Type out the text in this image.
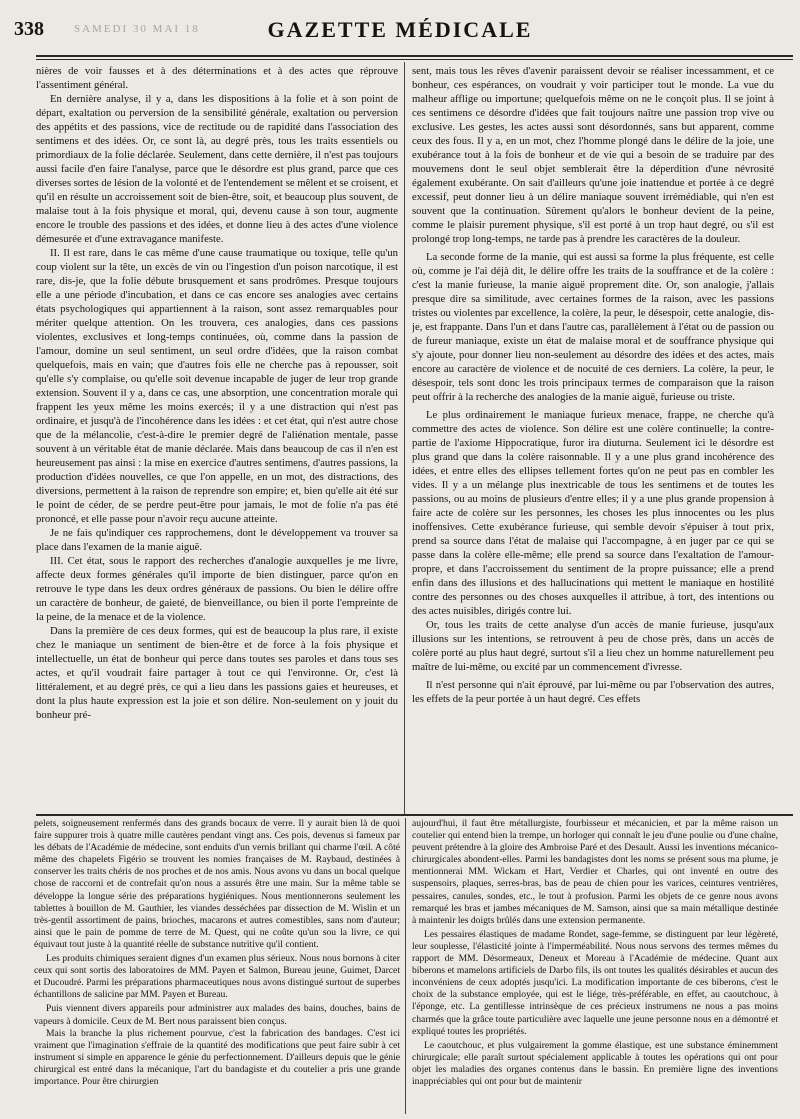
SAMEDI 30 MAI 18
338	GAZETTE MÉDICALE

nières de voir fausses et à des déterminations et à des actes que réprouve l'assentiment général.

En dernière analyse, il y a, dans les dispositions à la folie et à son point de départ, exaltation ou perversion de la sensibilité générale, exaltation ou perversion des appétits et des passions, vice de rectitude ou de rapidité dans l'association des sentimens et des idées. Or, ce sont là, au degré près, tous les traits essentiels ou primordiaux de la folie déclarée. Seulement, dans cette dernière, il n'est pas toujours aussi facile d'en faire l'analyse, parce que le désordre est plus grand, parce que ces diverses sortes de lésion de la volonté et de l'entendement se mêlent et se croisent, et qu'il en résulte un accroissement soit de bien-être, soit, et beaucoup plus souvent, de malaise tout à la fois physique et moral, qui, devenu cause à son tour, augmente encore le trouble des passions et des idées, et donne lieu à des actes d'une violence démesurée et d'une extravagance manifeste.

II. Il est rare, dans le cas même d'une cause traumatique ou toxique, telle qu'un coup violent sur la tête, un excès de vin ou l'ingestion d'un poison narcotique, il est rare, dis-je, que la folie débute brusquement et sans prodrômes. Presque toujours elle a une période d'incubation, et dans ce cas encore ses analogies avec certains états psychologiques qui appartiennent à la raison, sont assez remarquables pour mériter quelque attention. On les trouvera, ces analogies, dans ces passions violentes, exclusives et long-temps continuées, où, comme dans la passion de l'amour, domine un seul sentiment, un seul ordre d'idées, que la raison combat quelquefois, mais en vain; que d'autres fois elle ne cherche pas à repousser, soit qu'elle s'y complaise, ou qu'elle soit devenue incapable de juger de leur trop grande extension. Souvent il y a, dans ce cas, une absorption, une concentration morale qui frappent les yeux même les moins exercés; il y a une distraction qui n'est pas ordinaire, et jusqu'à de l'incohérence dans les idées : et cet état, qui n'est autre chose que de la mélancolie, c'est-à-dire le premier degré de l'aliénation mentale, passe souvent à un véritable état de manie déclarée. Mais dans beaucoup de cas il n'en est heureusement pas ainsi : la mise en exercice d'autres sentimens, d'autres passions, la production d'idées nouvelles, ce que l'on appelle, en un mot, des distractions, des diversions, permettent à la raison de reprendre son empire; et, bien qu'elle ait été sur le point de céder, de se perdre peut-être pour jamais, le mot de folie n'a pas été prononcé, et elle passe pour n'avoir reçu aucune atteinte.

Je ne fais qu'indiquer ces rapprochemens, dont le développement va trouver sa place dans l'examen de la manie aiguë.

III. Cet état, sous le rapport des recherches d'analogie auxquelles je me livre, affecte deux formes générales qu'il importe de bien distinguer, parce qu'on en retrouve le type dans les deux ordres généraux de passions. Ou bien le délire offre un caractère de bonheur, de gaieté, de bienveillance, ou bien il porte l'empreinte de la peine, de la menace et de la violence.

Dans la première de ces deux formes, qui est de beaucoup la plus rare, il existe chez le maniaque un sentiment de bien-être et de force à la fois physique et intellectuelle, un état de bonheur qui perce dans toutes ses paroles et dans tous ses actes, et qu'il voudrait faire partager à tout ce qui l'environne. Or, c'est là littéralement, et au degré près, ce qui a lieu dans les passions gaies et heureuses, et dont la plus haute expression est la joie et son délire. Non-seulement on y jouit du bonheur pré-

sent, mais tous les rêves d'avenir paraissent devoir se réaliser incessamment, et ce bonheur, ces espérances, on voudrait y voir participer tout le monde. La vue du malheur afflige ou importune; quelquefois même on ne le conçoit plus. Il se joint à ces sentimens ce désordre d'idées que fait toujours naître une passion trop vive ou exclusive. Les gestes, les actes aussi sont désordonnés, sans but apparent, comme ceux des fous. Il y a, en un mot, chez l'homme plongé dans le délire de la joie, une exubérance tout à la fois de bonheur et de vie qui a besoin de se traduire par des mouvemens dont le seul objet semblerait être la déperdition d'une névrosité également exubérante. On sait d'ailleurs qu'une joie inattendue et portée à ce degré excessif, peut donner lieu à un délire maniaque souvent irrémédiable, qui n'en est souvent que la continuation. Sûrement qu'alors le bonheur devient de la peine, comme le plaisir purement physique, s'il est porté à un trop haut degré, ou s'il est prolongé trop long-temps, ne tarde pas à prendre les caractères de la douleur.

La seconde forme de la manie, qui est aussi sa forme la plus fréquente, est celle où, comme je l'ai déjà dit, le délire offre les traits de la souffrance et de la colère : c'est la manie furieuse, la manie aiguë proprement dite. Or, son analogie, j'allais presque dire sa similitude, avec certaines formes de la raison, avec les passions tristes ou violentes par excellence, la colère, la peur, le désespoir, cette analogie, dis-je, est frappante. Dans l'un et dans l'autre cas, parallèlement à l'état ou de passion ou de fureur maniaque, existe un état de malaise moral et de souffrance physique qui s'y ajoute, pour donner lieu non-seulement au désordre des idées et des actes, mais encore au caractère de violence et de nocuité de ces derniers. La colère, la peur, le désespoir, tels sont donc les trois principaux termes de comparaison que la raison peut offrir à la recherche des analogies de la manie aiguë, furieuse ou triste.

Le plus ordinairement le maniaque furieux menace, frappe, ne cherche qu'à commettre des actes de violence. Son délire est une colère continuelle; la contre-partie de l'axiome Hippocratique, furor ira diuturna. Seulement ici le désordre est plus grand que dans la colère raisonnable. Il y a une plus grand incohérence des idées, et entre elles des ellipses tellement fortes qu'on ne peut pas en combler les vides. Il y a un mélange plus inextricable de tous les sentimens et de toutes les passions, ou au moins de plusieurs d'entre elles; il y a une plus grande propension à faire acte de colère sur les personnes, les choses les plus innocentes ou les plus inoffensives. Cette exubérance furieuse, qui semble devoir s'épuiser à tout prix, prend sa source dans l'état de malaise qui l'accompagne, à en juger par ce qui se passe dans la colère elle-même; elle prend sa source dans l'exaltation de l'amour-propre, et dans l'accroissement du sentiment de la propre puissance; elle a prend enfin dans des illusions et des hallucinations qui mettent le maniaque en hostilité contre des personnes ou des choses auxquelles il attribue, à tort, des intentions ou des actes nuisibles, dirigés contre lui.

Or, tous les traits de cette analyse d'un accès de manie furieuse, jusqu'aux illusions sur les intentions, se retrouvent à peu de chose près, dans un accès de colère porté au plus haut degré, surtout s'il a lieu chez un homme naturellement peu maître de lui-même, ou excité par un commencement d'ivresse.

Il n'est personne qui n'ait éprouvé, par lui-même ou par l'observation des autres, les effets de la peur portée à un haut degré. Ces effets

pelets, soigneusement renfermés dans des grands bocaux de verre. Il y aurait bien là de quoi faire suppurer trois à quatre mille cautères pendant vingt ans. Ces pois, devenus si fameux par les débats de l'Académie de médecine, sont enduits d'un vernis brillant qui charme l'œil. A côté même des chapelets Figério se trouvent les nomies françaises de M. Raybaud, destinées à conserver les traits chéris de nos proches et de nos amis. Nous avons vu dans un bocal quelque chose de raccorni et de contrefait qu'on nous a assurés être une main. Sur la même table se développe la longue série des préparations hygiéniques. Nous mentionnerons seulement les tablettes à bouillon de M. Gauthier, les viandes desséchées par dissection de M. Wislin et un très-gentil assortiment de pains, brioches, macarons et autres comestibles, sans nom d'auteur; ainsi que le pain de pomme de terre de M. Quest, qui ne coûte qu'un sou la livre, ce qui équivaut tout juste à la quantité réelle de substance nutritive qu'il contient.

Les produits chimiques seraient dignes d'un examen plus sérieux. Nous nous bornons à citer ceux qui sont sortis des laboratoires de MM. Payen et Salmon, Bureau jeune, Guimet, Darcet et Ducoudré. Parmi les préparations pharmaceutiques nous avons distingué surtout de superbes échantillons de salicine par MM. Payen et Bureau.

Puis viennent divers appareils pour administrer aux malades des bains, douches, bains de vapeurs à domicile. Ceux de M. Bert nous paraissent bien conçus.

Mais la branche la plus richement pourvue, c'est la fabrication des bandages. C'est ici vraiment que l'imagination s'effraie de la quantité des modifications que peut faire subir à cet instrument si simple en apparence le génie du perfectionnement. D'ailleurs depuis que le génie chirurgical est entré dans la mécanique, l'art du bandagiste et du coutelier a pris une grande importance. Pour être chirurgien

aujourd'hui, il faut être métallurgiste, fourbisseur et mécanicien, et par la même raison un coutelier qui entend bien la trempe, un horloger qui connaît le jeu d'une poulie ou d'une chaîne, peuvent prétendre à la gloire des Ambroise Paré et des Desault. Aussi les inventions mécanico-chirurgicales abondent-elles. Parmi les bandagistes dont les noms se présent sous ma plume, je mentionnerai MM. Wickam et Hart, Verdier et Charles, qui ont inventé en outre des suspensoirs, plaques, serres-bras, bas de peau de chien pour les varices, ceintures ventrières, pessaires, canules, sondes, etc., le tout à profusion. Parmi les objets de ce genre nous avons remarqué les bras et jambes mécaniques de M. Samson, ainsi que sa main métallique destinée à maintenir les doigts brûlés dans une extension permanente.

Les pessaires élastiques de madame Rondet, sage-femme, se distinguent par leur légèreté, leur souplesse, l'élasticité jointe à l'imperméabilité. Nous nous servons des termes mêmes du rapport de MM. Désormeaux, Deneux et Moreau à l'Académie de médecine. Quant aux biberons et mamelons artificiels de Darbo fils, ils ont toutes les qualités désirables et aucun des inconvéniens de ceux adoptés jusqu'ici. La modification importante de ces biberons, c'est le choix de la substance employée, qui est le liége, très-préférable, en effet, au caoutchouc, à l'éponge, etc. La gentillesse intrinsèque de ces précieux instrumens ne nous a pas moins charmés que la grâce toute particulière avec laquelle une jeune personne nous en a démontré et expliqué toutes les propriétés.

Le caoutchouc, et plus vulgairement la gomme élastique, est une substance éminemment chirurgicale; elle paraît surtout spécialement applicable à toutes les opérations qui ont pour objet les maladies des organes contenus dans le bassin. En première ligne des inventions inappréciables qui ont pour but de maintenir
